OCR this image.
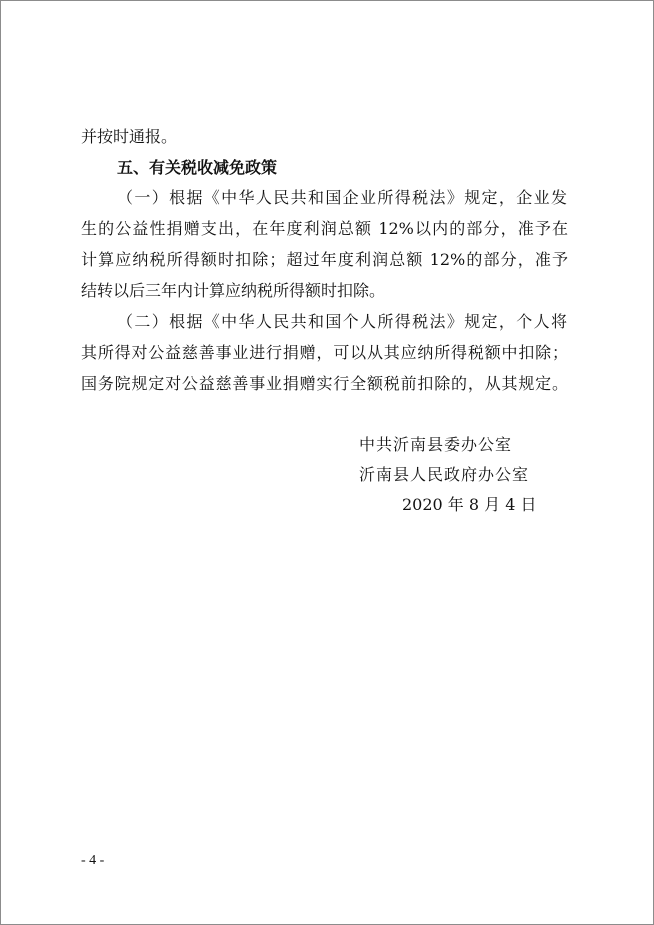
并按时通报。
五、有关税收减免政策
（一）根据《中华人民共和国企业所得税法》规定，企业发
生的公益性捐赠支出，在年度利润总额 12%以内的部分，准予在
计算应纳税所得额时扣除；超过年度利润总额 12%的部分，准予
结转以后三年内计算应纳税所得额时扣除。
（二）根据《中华人民共和国个人所得税法》规定，个人将
其所得对公益慈善事业进行捐赠，可以从其应纳所得税额中扣除；
国务院规定对公益慈善事业捐赠实行全额税前扣除的，从其规定。
中共沂南县委办公室
沂南县人民政府办公室
2020 年 8 月 4 日
- 4 -
